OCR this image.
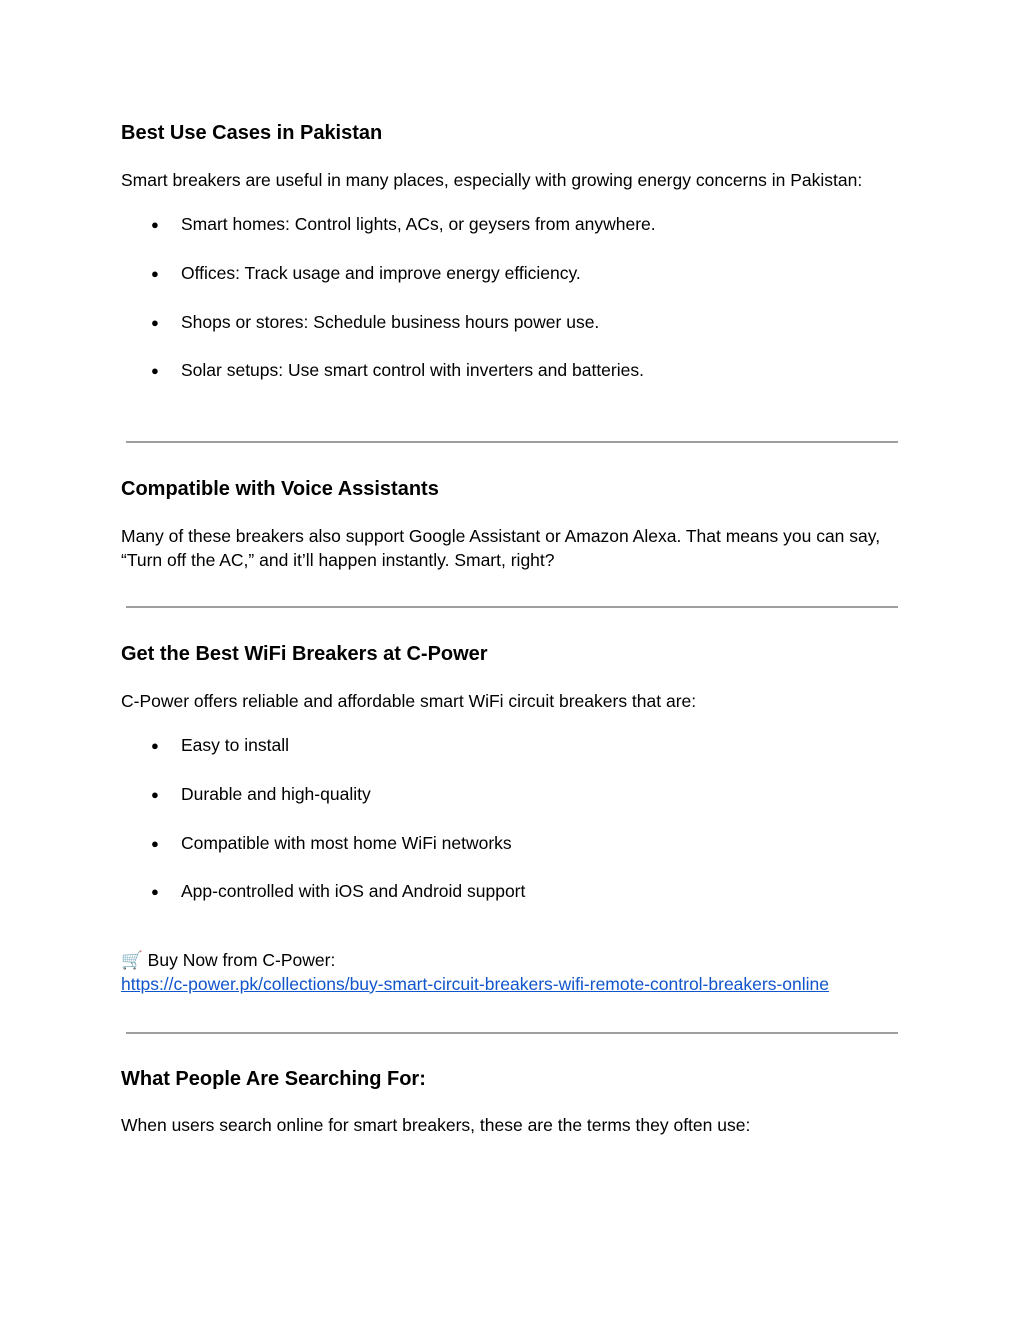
Best Use Cases in Pakistan

Smart breakers are useful in many places, especially with growing energy concerns in Pakistan:

● Smart homes: Control lights, ACs, or geysers from anywhere.
● Offices: Track usage and improve energy efficiency.
● Shops or stores: Schedule business hours power use.
● Solar setups: Use smart control with inverters and batteries.
Compatible with Voice Assistants

Many of these breakers also support Google Assistant or Amazon Alexa. That means you can say, “Turn off the AC,” and it’ll happen instantly. Smart, right?

Get the Best WiFi Breakers at C-Power

C-Power offers reliable and affordable smart WiFi circuit breakers that are:

● Easy to install
● Durable and high-quality
● Compatible with most home WiFi networks
● App-controlled with iOS and Android support

🛒 Buy Now from C-Power:

https://c-power.pk/collections/buy-smart-circuit-breakers-wifi-remote-control-breakers-online

What People Are Searching For:

When users search online for smart breakers, these are the terms they often use:
